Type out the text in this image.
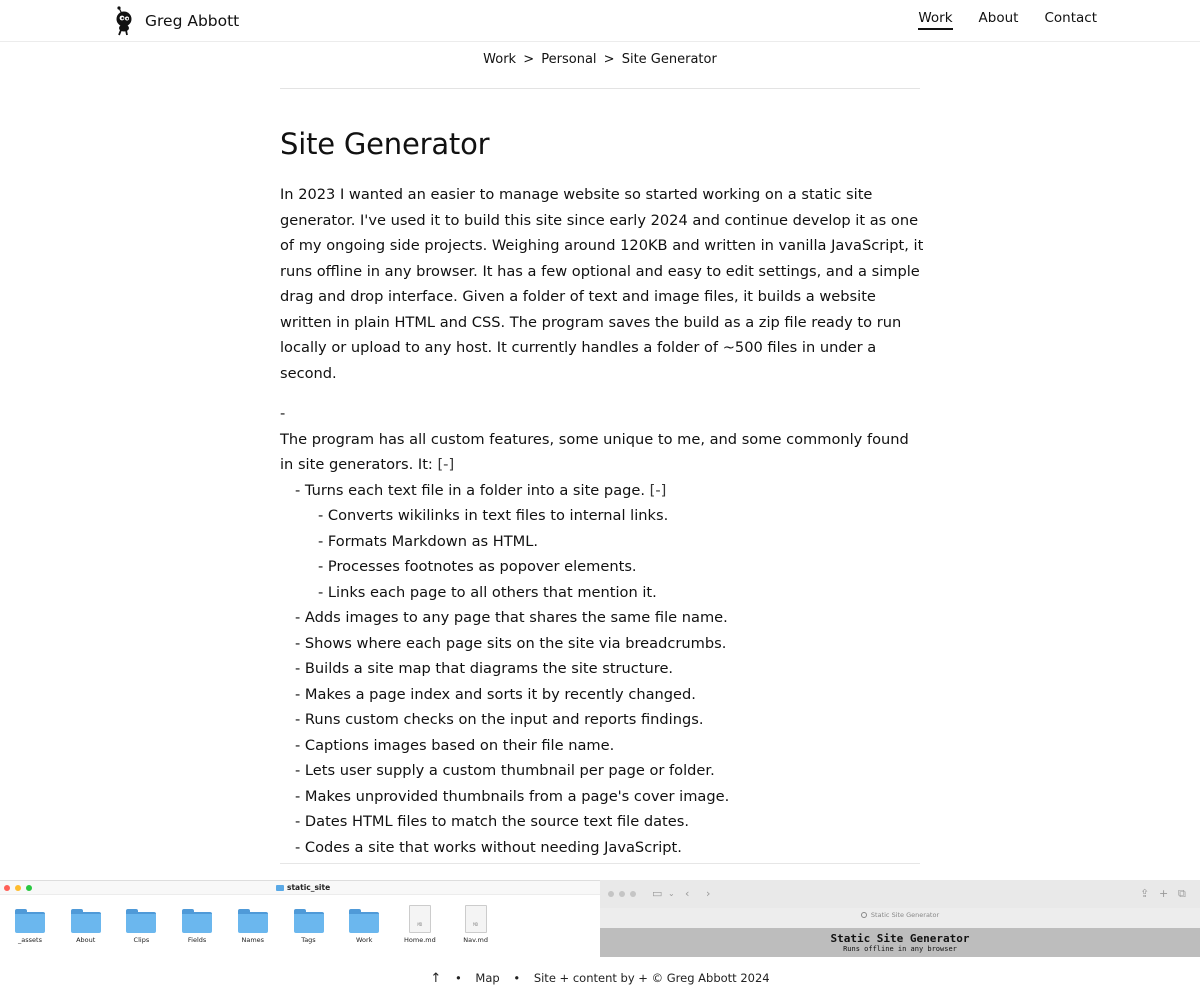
Greg Abbott	Work About Contact
Work > Personal > Site Generator
Site Generator

In 2023 I wanted an easier to manage website so started working on a static site generator. I've used it to build this site since early 2024 and continue develop it as one of my ongoing side projects. Weighing around 120KB and written in vanilla JavaScript, it runs offline in any browser. It has a few optional and easy to edit settings, and a simple drag and drop interface. Given a folder of text and image files, it builds a website written in plain HTML and CSS. The program saves the build as a zip file ready to run locally or upload to any host. It currently handles a folder of ~500 files in under a second.

-
The program has all custom features, some unique to me, and some commonly found in site generators. It: [-]
- Turns each text file in a folder into a site page. [-]
- Converts wikilinks in text files to internal links.
- Formats Markdown as HTML.
- Processes footnotes as popover elements.
- Links each page to all others that mention it.
- Adds images to any page that shares the same file name.
- Shows where each page sits on the site via breadcrumbs.
- Builds a site map that diagrams the site structure.
- Makes a page index and sorts it by recently changed.
- Runs custom checks on the input and reports findings.
- Captions images based on their file name.
- Lets user supply a custom thumbnail per page or folder.
- Makes unprovided thumbnails from a page's cover image.
- Dates HTML files to match the source text file dates.
- Codes a site that works without needing JavaScript.
static_site
_assets	About	Clips	Fields	Names	Tags	Work
MD
Home.md
MD
Nav.md
▭ ⌄ ‹ ›	⇪ + ⧉
Static Site Generator
Static Site Generator
Runs offline in any browser
↑ • Map • Site + content by + © Greg Abbott 2024
